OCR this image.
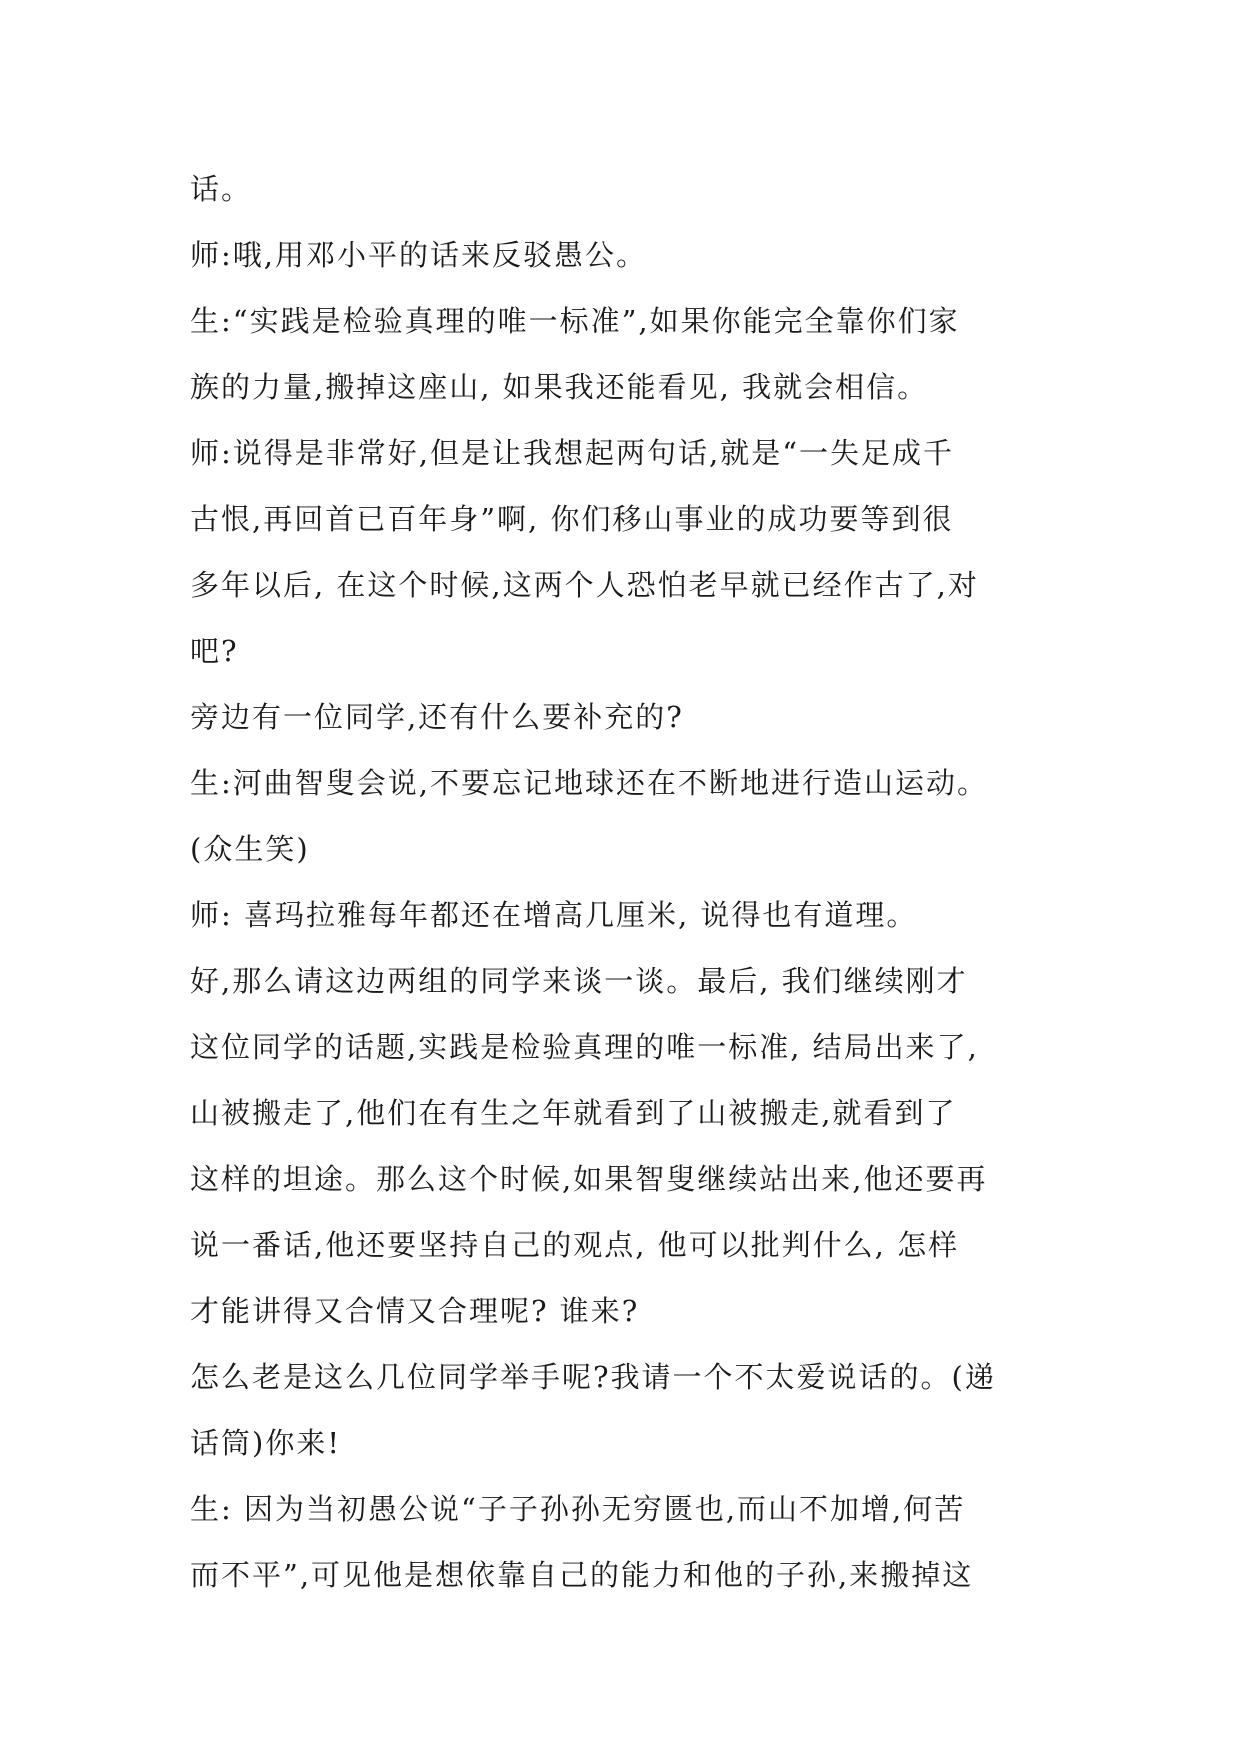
话。
师:哦,用邓小平的话来反驳愚公。
生:“实践是检验真理的唯一标准”,如果你能完全靠你们家
族的力量,搬掉这座山, 如果我还能看见, 我就会相信。
师:说得是非常好,但是让我想起两句话,就是“一失足成千
古恨,再回首已百年身”啊, 你们移山事业的成功要等到很
多年以后, 在这个时候,这两个人恐怕老早就已经作古了,对
吧?
旁边有一位同学,还有什么要补充的?
生:河曲智叟会说,不要忘记地球还在不断地进行造山运动。
(众生笑)
师: 喜玛拉雅每年都还在增高几厘米, 说得也有道理。
好,那么请这边两组的同学来谈一谈。最后, 我们继续刚才
这位同学的话题,实践是检验真理的唯一标准, 结局出来了,
山被搬走了,他们在有生之年就看到了山被搬走,就看到了
这样的坦途。那么这个时候,如果智叟继续站出来,他还要再
说一番话,他还要坚持自己的观点, 他可以批判什么, 怎样
才能讲得又合情又合理呢? 谁来?
怎么老是这么几位同学举手呢?我请一个不太爱说话的。(递
话筒)你来!
生: 因为当初愚公说“子子孙孙无穷匮也,而山不加增,何苦
而不平”,可见他是想依靠自己的能力和他的子孙,来搬掉这
